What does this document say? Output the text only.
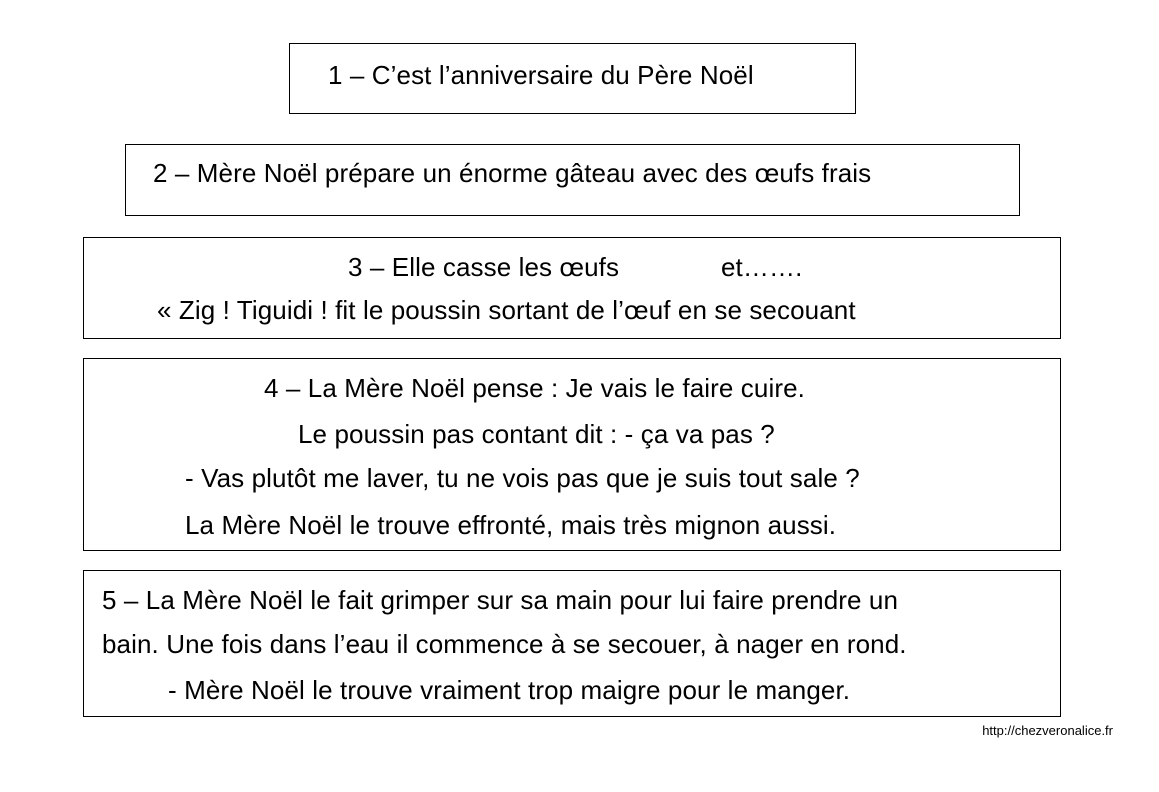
1 – C’est l’anniversaire du Père Noël
2 – Mère Noël prépare un énorme gâteau avec des œufs frais
3 – Elle casse les œufs	et…….
« Zig ! Tiguidi ! fit le poussin sortant de l’œuf en se secouant
4 – La Mère Noël pense : Je vais le faire cuire.
Le poussin pas contant dit : - ça va pas ?
- Vas plutôt me laver, tu ne vois pas que je suis tout sale ?
La Mère Noël le trouve effronté, mais très mignon aussi.
5 – La Mère Noël le fait grimper sur sa main pour lui faire prendre un
bain. Une fois dans l’eau il commence à se secouer, à nager en rond.
- Mère Noël le trouve vraiment trop maigre pour le manger.
http://chezveronalice.fr
